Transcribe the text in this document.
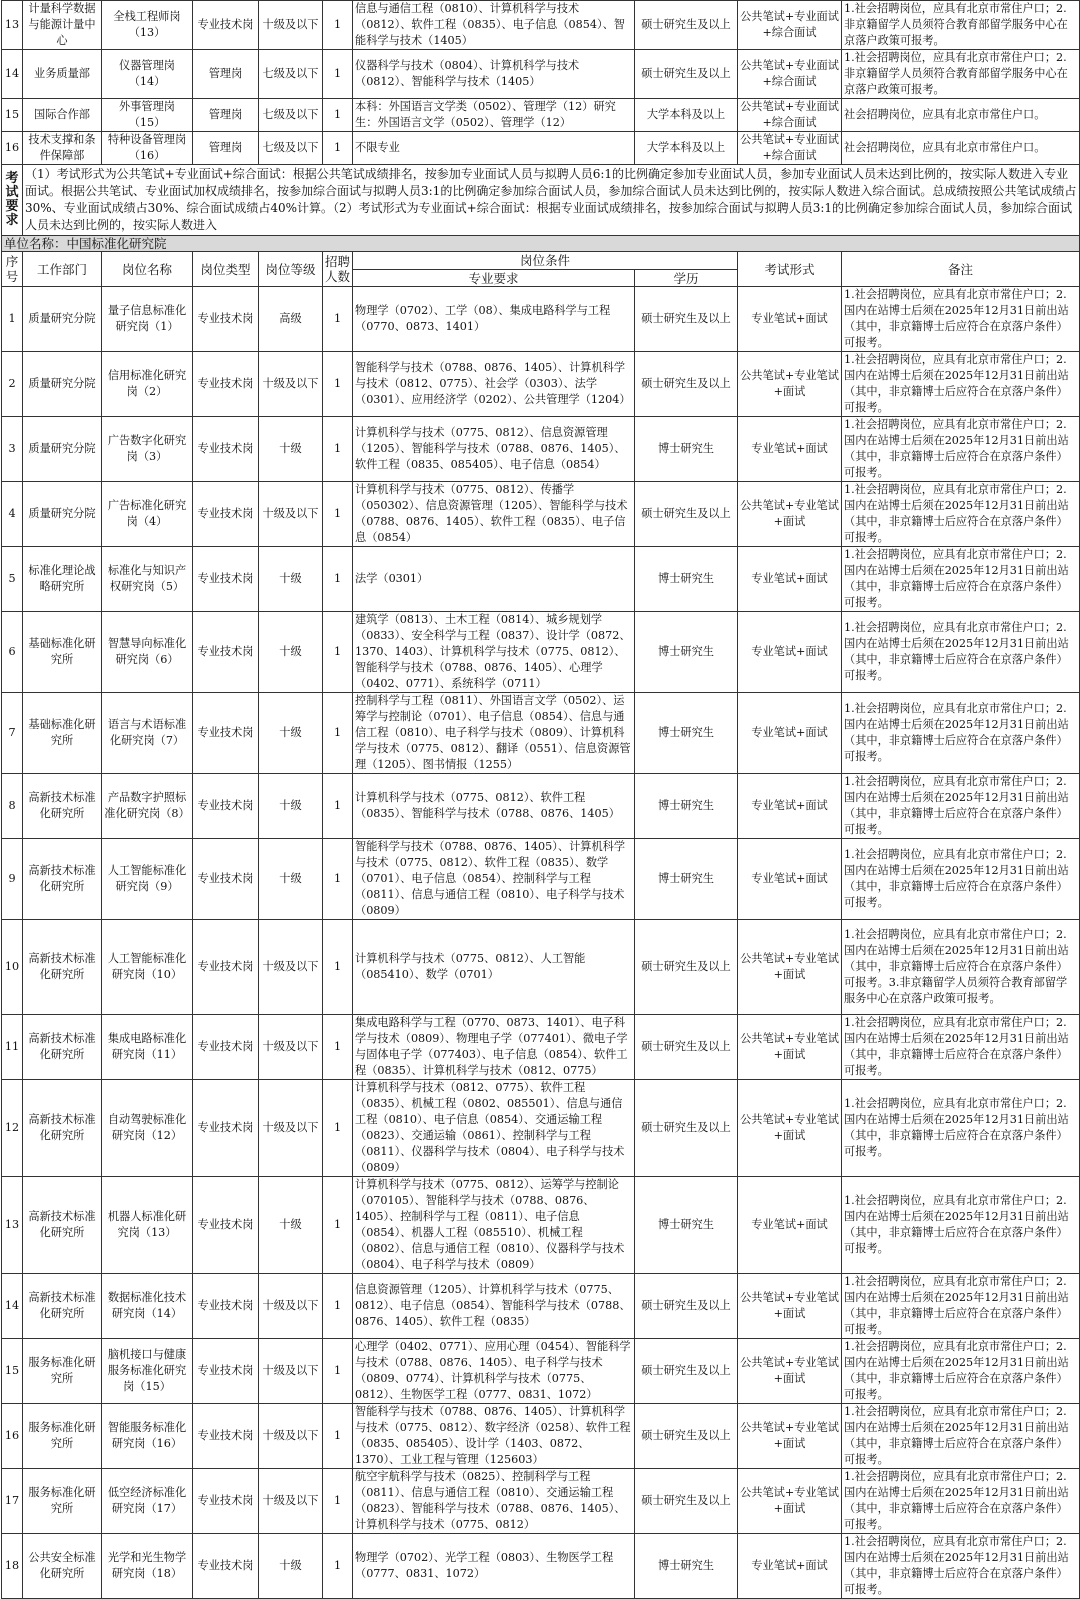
13	计量科学数据与能源计量中心	全栈工程师岗（13）	专业技术岗	十级及以下	1	信息与通信工程（0810）、计算机科学与技术（0812）、软件工程（0835）、电子信息（0854）、智能科学与技术（1405）	硕士研究生及以上	公共笔试+专业面试+综合面试	1.社会招聘岗位，应具有北京市常住户口；2.非京籍留学人员须符合教育部留学服务中心在京落户政策可报考。
14	业务质量部	仪器管理岗（14）	管理岗	七级及以下	1	仪器科学与技术（0804）、计算机科学与技术（0812）、智能科学与技术（1405）	硕士研究生及以上	公共笔试+专业面试+综合面试	1.社会招聘岗位，应具有北京市常住户口；2.非京籍留学人员须符合教育部留学服务中心在京落户政策可报考。
15	国际合作部	外事管理岗（15）	管理岗	七级及以下	1	本科：外国语言文学类（0502）、管理学（12）研究生：外国语言文学（0502）、管理学（12）	大学本科及以上	公共笔试+专业面试+综合面试	社会招聘岗位，应具有北京市常住户口。
16	技术支撑和条件保障部	特种设备管理岗（16）	管理岗	七级及以下	1	不限专业	大学本科及以上	公共笔试+专业面试+综合面试	社会招聘岗位，应具有北京市常住户口。
考试要求	（1）考试形式为公共笔试+专业面试+综合面试：根据公共笔试成绩排名，按参加专业面试人员与拟聘人员6:1的比例确定参加专业面试人员，参加专业面试人员未达到比例的，按实际人数进入专业面试。根据公共笔试、专业面试加权成绩排名，按参加综合面试与拟聘人员3:1的比例确定参加综合面试人员，参加综合面试人员未达到比例的，按实际人数进入综合面试。总成绩按照公共笔试成绩占30%、专业面试成绩占30%、综合面试成绩占40%计算。（2）考试形式为专业面试+综合面试：根据专业面试成绩排名，按参加综合面试与拟聘人员3:1的比例确定参加综合面试人员，参加综合面试人员未达到比例的，按实际人数进入								
单位名称：中国标准化研究院									
序号	工作部门	岗位名称	岗位类型	岗位等级	招聘人数	岗位条件		考试形式	备注
						专业要求	学历		
1	质量研究分院	量子信息标准化研究岗（1）	专业技术岗	高级	1	物理学（0702）、工学（08）、集成电路科学与工程（0770、0873、1401）	硕士研究生及以上	专业笔试+面试	1.社会招聘岗位，应具有北京市常住户口；2.国内在站博士后须在2025年12月31日前出站（其中，非京籍博士后应符合在京落户条件）可报考。
2	质量研究分院	信用标准化研究岗（2）	专业技术岗	十级及以下	1	智能科学与技术（0788、0876、1405）、计算机科学与技术（0812、0775）、社会学（0303）、法学（0301）、应用经济学（0202）、公共管理学（1204）	硕士研究生及以上	公共笔试+专业笔试+面试	1.社会招聘岗位，应具有北京市常住户口；2.国内在站博士后须在2025年12月31日前出站（其中，非京籍博士后应符合在京落户条件）可报考。
3	质量研究分院	广告数字化研究岗（3）	专业技术岗	十级	1	计算机科学与技术（0775、0812）、信息资源管理（1205）、智能科学与技术（0788、0876、1405）、软件工程（0835、085405）、电子信息（0854）	博士研究生	专业笔试+面试	1.社会招聘岗位，应具有北京市常住户口；2.国内在站博士后须在2025年12月31日前出站（其中，非京籍博士后应符合在京落户条件）可报考。
4	质量研究分院	广告标准化研究岗（4）	专业技术岗	十级及以下	1	计算机科学与技术（0775、0812）、传播学（050302）、信息资源管理（1205）、智能科学与技术（0788、0876、1405）、软件工程（0835）、电子信息（0854）	硕士研究生及以上	公共笔试+专业笔试+面试	1.社会招聘岗位，应具有北京市常住户口；2.国内在站博士后须在2025年12月31日前出站（其中，非京籍博士后应符合在京落户条件）可报考。
5	标准化理论战略研究所	标准化与知识产权研究岗（5）	专业技术岗	十级	1	法学（0301）	博士研究生	专业笔试+面试	1.社会招聘岗位，应具有北京市常住户口；2.国内在站博士后须在2025年12月31日前出站（其中，非京籍博士后应符合在京落户条件）可报考。
6	基础标准化研究所	智慧导向标准化研究岗（6）	专业技术岗	十级	1	建筑学（0813）、土木工程（0814）、城乡规划学（0833）、安全科学与工程（0837）、设计学（0872、1370、1403）、计算机科学与技术（0775、0812）、智能科学与技术（0788、0876、1405）、心理学（0402、0771）、系统科学（0711）	博士研究生	专业笔试+面试	1.社会招聘岗位，应具有北京市常住户口；2.国内在站博士后须在2025年12月31日前出站（其中，非京籍博士后应符合在京落户条件）可报考。
7	基础标准化研究所	语言与术语标准化研究岗（7）	专业技术岗	十级	1	控制科学与工程（0811）、外国语言文学（0502）、运筹学与控制论（0701）、电子信息（0854）、信息与通信工程（0810）、电子科学与技术（0809）、计算机科学与技术（0775、0812）、翻译（0551）、信息资源管理（1205）、图书情报（1255）	博士研究生	专业笔试+面试	1.社会招聘岗位，应具有北京市常住户口；2.国内在站博士后须在2025年12月31日前出站（其中，非京籍博士后应符合在京落户条件）可报考。
8	高新技术标准化研究所	产品数字护照标准化研究岗（8）	专业技术岗	十级	1	计算机科学与技术（0775、0812）、软件工程（0835）、智能科学与技术（0788、0876、1405）	博士研究生	专业笔试+面试	1.社会招聘岗位，应具有北京市常住户口；2.国内在站博士后须在2025年12月31日前出站（其中，非京籍博士后应符合在京落户条件）可报考。
9	高新技术标准化研究所	人工智能标准化研究岗（9）	专业技术岗	十级	1	智能科学与技术（0788、0876、1405）、计算机科学与技术（0775、0812）、软件工程（0835）、数学（0701）、电子信息（0854）、控制科学与工程（0811）、信息与通信工程（0810）、电子科学与技术（0809）	博士研究生	专业笔试+面试	1.社会招聘岗位，应具有北京市常住户口；2.国内在站博士后须在2025年12月31日前出站（其中，非京籍博士后应符合在京落户条件）可报考。
10	高新技术标准化研究所	人工智能标准化研究岗（10）	专业技术岗	十级及以下	1	计算机科学与技术（0775、0812）、人工智能（085410）、数学（0701）	硕士研究生及以上	公共笔试+专业笔试+面试	1.社会招聘岗位，应具有北京市常住户口；2.国内在站博士后须在2025年12月31日前出站（其中，非京籍博士后应符合在京落户条件）可报考。3.非京籍留学人员须符合教育部留学服务中心在京落户政策可报考。
11	高新技术标准化研究所	集成电路标准化研究岗（11）	专业技术岗	十级及以下	1	集成电路科学与工程（0770、0873、1401）、电子科学与技术（0809）、物理电子学（077401）、微电子学与固体电子学（077403）、电子信息（0854）、软件工程（0835）、计算机科学与技术（0812、0775）	硕士研究生及以上	公共笔试+专业笔试+面试	1.社会招聘岗位，应具有北京市常住户口；2.国内在站博士后须在2025年12月31日前出站（其中，非京籍博士后应符合在京落户条件）可报考。
12	高新技术标准化研究所	自动驾驶标准化研究岗（12）	专业技术岗	十级及以下	1	计算机科学与技术（0812、0775）、软件工程（0835）、机械工程（0802、085501）、信息与通信工程（0810）、电子信息（0854）、交通运输工程（0823）、交通运输（0861）、控制科学与工程（0811）、仪器科学与技术（0804）、电子科学与技术（0809）	硕士研究生及以上	公共笔试+专业笔试+面试	1.社会招聘岗位，应具有北京市常住户口；2.国内在站博士后须在2025年12月31日前出站（其中，非京籍博士后应符合在京落户条件）可报考。
13	高新技术标准化研究所	机器人标准化研究岗（13）	专业技术岗	十级	1	计算机科学与技术（0775、0812）、运筹学与控制论（070105）、智能科学与技术（0788、0876、1405）、控制科学与工程（0811）、电子信息（0854）、机器人工程（085510）、机械工程（0802）、信息与通信工程（0810）、仪器科学与技术（0804）、电子科学与技术（0809）	博士研究生	专业笔试+面试	1.社会招聘岗位，应具有北京市常住户口；2.国内在站博士后须在2025年12月31日前出站（其中，非京籍博士后应符合在京落户条件）可报考。
14	高新技术标准化研究所	数据标准化技术研究岗（14）	专业技术岗	十级及以下	1	信息资源管理（1205）、计算机科学与技术（0775、0812）、电子信息（0854）、智能科学与技术（0788、0876、1405）、软件工程（0835）	硕士研究生及以上	公共笔试+专业笔试+面试	1.社会招聘岗位，应具有北京市常住户口；2.国内在站博士后须在2025年12月31日前出站（其中，非京籍博士后应符合在京落户条件）可报考。
15	服务标准化研究所	脑机接口与健康服务标准化研究岗（15）	专业技术岗	十级及以下	1	心理学（0402、0771）、应用心理（0454）、智能科学与技术（0788、0876、1405）、电子科学与技术（0809、0774）、计算机科学与技术（0775、0812）、生物医学工程（0777、0831、1072）	硕士研究生及以上	公共笔试+专业笔试+面试	1.社会招聘岗位，应具有北京市常住户口；2.国内在站博士后须在2025年12月31日前出站（其中，非京籍博士后应符合在京落户条件）可报考。
16	服务标准化研究所	智能服务标准化研究岗（16）	专业技术岗	十级及以下	1	智能科学与技术（0788、0876、1405）、计算机科学与技术（0775、0812）、数字经济（0258）、软件工程（0835、085405）、设计学（1403、0872、1370）、工业工程与管理（125603）	硕士研究生及以上	公共笔试+专业笔试+面试	1.社会招聘岗位，应具有北京市常住户口；2.国内在站博士后须在2025年12月31日前出站（其中，非京籍博士后应符合在京落户条件）可报考。
17	服务标准化研究所	低空经济标准化研究岗（17）	专业技术岗	十级及以下	1	航空宇航科学与技术（0825）、控制科学与工程（0811）、信息与通信工程（0810）、交通运输工程（0823）、智能科学与技术（0788、0876、1405）、计算机科学与技术（0775、0812）	硕士研究生及以上	公共笔试+专业笔试+面试	1.社会招聘岗位，应具有北京市常住户口；2.国内在站博士后须在2025年12月31日前出站（其中，非京籍博士后应符合在京落户条件）可报考。
18	公共安全标准化研究所	光学和光生物学研究岗（18）	专业技术岗	十级	1	物理学（0702）、光学工程（0803）、生物医学工程（0777、0831、1072）	博士研究生	专业笔试+面试	1.社会招聘岗位，应具有北京市常住户口；2.国内在站博士后须在2025年12月31日前出站（其中，非京籍博士后应符合在京落户条件）可报考。
